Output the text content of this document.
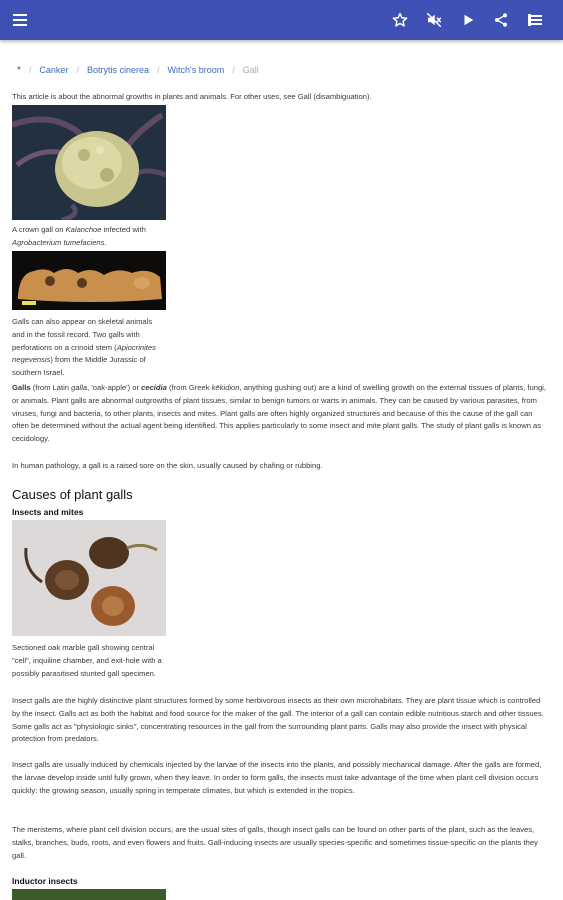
* / Canker / Botrytis cinerea / Witch's broom / Gall
This article is about the abnormal growths in plants and animals. For other uses, see Gall (disambiguation).
A crown gall on Kalanchoe infected with Agrobacterium tumefaciens.
Galls can also appear on skeletal animals and in the fossil record. Two galls with perforations on a crinoid stem (Apiocrinites negevensis) from the Middle Jurassic of southern Israel.
Galls (from Latin galla, 'oak-apple') or cecidia (from Greek kēkidion, anything gushing out) are a kind of swelling growth on the external tissues of plants, fungi, or animals. Plant galls are abnormal outgrowths of plant tissues, similar to benign tumors or warts in animals. They can be caused by various parasites, from viruses, fungi and bacteria, to other plants, insects and mites. Plant galls are often highly organized structures and because of this the cause of the gall can often be determined without the actual agent being identified. This applies particularly to some insect and mite plant galls. The study of plant galls is known as cecidology.
In human pathology, a gall is a raised sore on the skin, usually caused by chafing or rubbing.
Causes of plant galls
Insects and mites
Sectioned oak marble gall showing central "cell", inquiline chamber, and exit-hole with a possibly parasitised stunted gall specimen.
Insect galls are the highly distinctive plant structures formed by some herbivorous insects as their own microhabitats. They are plant tissue which is controlled by the insect. Galls act as both the habitat and food source for the maker of the gall. The interior of a gall can contain edible nutritious starch and other tissues. Some galls act as "physiologic sinks", concentrating resources in the gall from the surrounding plant parts. Galls may also provide the insect with physical protection from predators.
Insect galls are usually induced by chemicals injected by the larvae of the insects into the plants, and possibly mechanical damage. After the galls are formed, the larvae develop inside until fully grown, when they leave. In order to form galls, the insects must take advantage of the time when plant cell division occurs quickly: the growing season, usually spring in temperate climates, but which is extended in the tropics.
The meristems, where plant cell division occurs, are the usual sites of galls, though insect galls can be found on other parts of the plant, such as the leaves, stalks, branches, buds, roots, and even flowers and fruits. Gall-inducing insects are usually species-specific and sometimes tissue-specific on the plants they gall.
Inductor insects
